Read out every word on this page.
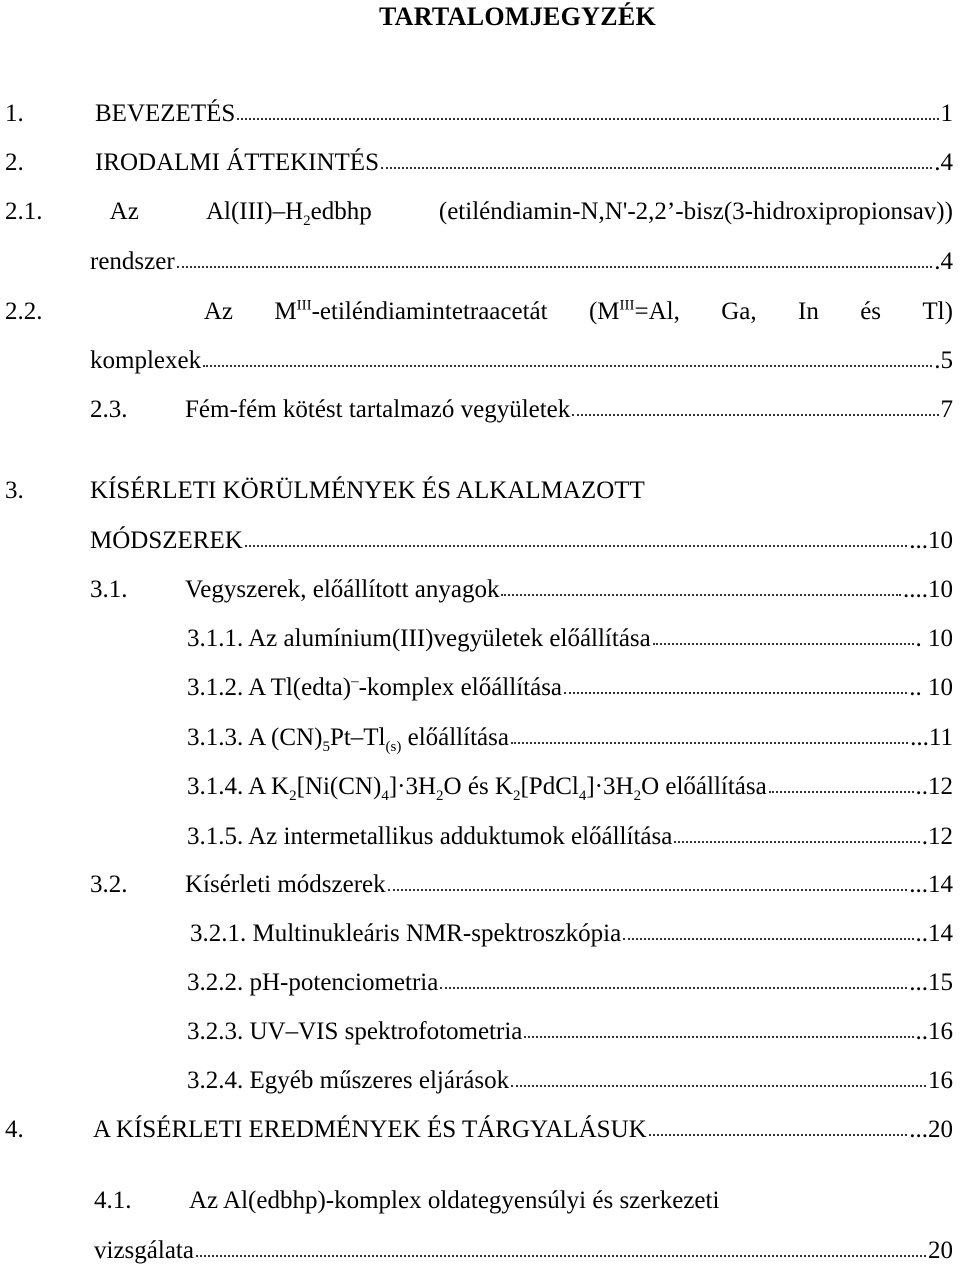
TARTALOMJEGYZÉK
1.	BEVEZETÉS	1
2.	IRODALMI ÁTTEKINTÉS	.4
2.1.	Az	$Al(III)-H_2edbhp$	(etiléndiamin-N,N'-2,2’-bisz(3-hidroxipropionsav))
rendszer	.4
2.2.	Az $M^{III}$-etiléndiamintetraacetát ($M^{III}=Al$, Ga, In és Tl)
komplexek	.5
2.3.	Fém-fém kötést tartalmazó vegyületek	7
3.	KÍSÉRLETI KÖRÜLMÉNYEK ÉS ALKALMAZOTT
MÓDSZEREK	...10
3.1.	Vegyszerek, előállított anyagok	....10
3.1.1. Az alumínium(III)vegyületek előállítása	. 10
3.1.2. A Tl(edta)–-komplex előállítása	.. 10
3.1.3. A $(CN)_5Pt-Tl_{(s)}$ előállítása	...11
3.1.4. A $K_2[Ni(CN)_4]\cdot 3H_2O$ és $K_2[PdCl_4]\cdot 3H_2O$ előállítása	..12
3.1.5. Az intermetallikus adduktumok előállítása	.12
3.2.	Kísérleti módszerek	...14
3.2.1. Multinukleáris NMR-spektroszkópia	..14
3.2.2. pH-potenciometria	...15
3.2.3. UV–VIS spektrofotometria	..16
3.2.4. Egyéb műszeres eljárások	16
4.	A KÍSÉRLETI EREDMÉNYEK ÉS TÁRGYALÁSUK	...20
4.1.	Az Al(edbhp)-komplex oldategyensúlyi és szerkezeti
vizsgálata	20
